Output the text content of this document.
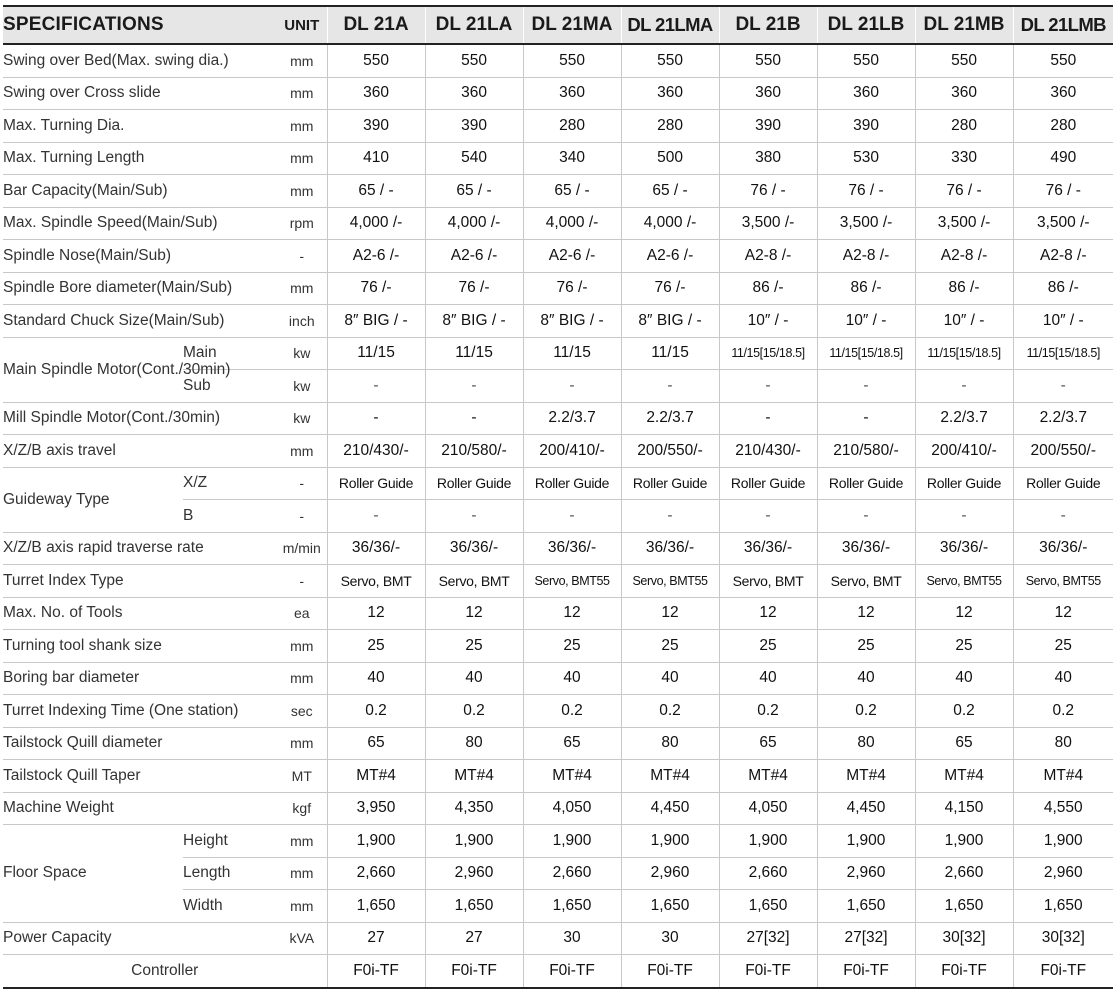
SPECIFICATIONS		UNIT	DL 21A	DL 21LA	DL 21MA	DL 21LMA	DL 21B	DL 21LB	DL 21MB	DL 21LMB
Swing over Bed(Max. swing dia.)		mm	550	550	550	550	550	550	550	550
Swing over Cross slide		mm	360	360	360	360	360	360	360	360
Max. Turning Dia.		mm	390	390	280	280	390	390	280	280
Max. Turning Length		mm	410	540	340	500	380	530	330	490
Bar Capacity(Main/Sub)		mm	65 / -	65 / -	65 / -	65 / -	76 / -	76 / -	76 / -	76 / -
Max. Spindle Speed(Main/Sub)		rpm	4,000 /-	4,000 /-	4,000 /-	4,000 /-	3,500 /-	3,500 /-	3,500 /-	3,500 /-
Spindle Nose(Main/Sub)		-	A2-6 /-	A2-6 /-	A2-6 /-	A2-6 /-	A2-8 /-	A2-8 /-	A2-8 /-	A2-8 /-
Spindle Bore diameter(Main/Sub)		mm	76 /-	76 /-	76 /-	76 /-	86 /-	86 /-	86 /-	86 /-
Standard Chuck Size(Main/Sub)		inch	8″ BIG / -	8″ BIG / -	8″ BIG / -	8″ BIG / -	10″ / -	10″ / -	10″ / -	10″ / -
Main Spindle Motor(Cont./30min)	Main	kw	11/15	11/15	11/15	11/15	11/15[15/18.5]	11/15[15/18.5]	11/15[15/18.5]	11/15[15/18.5]
	Sub	kw	-	-	-	-	-	-	-	-
Mill Spindle Motor(Cont./30min)		kw	-	-	2.2/3.7	2.2/3.7	-	-	2.2/3.7	2.2/3.7
X/Z/B axis travel		mm	210/430/-	210/580/-	200/410/-	200/550/-	210/430/-	210/580/-	200/410/-	200/550/-
Guideway Type	X/Z	-	Roller Guide	Roller Guide	Roller Guide	Roller Guide	Roller Guide	Roller Guide	Roller Guide	Roller Guide
	B	-	-	-	-	-	-	-	-	-
X/Z/B axis rapid traverse rate		m/min	36/36/-	36/36/-	36/36/-	36/36/-	36/36/-	36/36/-	36/36/-	36/36/-
Turret Index Type		-	Servo, BMT	Servo, BMT	Servo, BMT55	Servo, BMT55	Servo, BMT	Servo, BMT	Servo, BMT55	Servo, BMT55
Max. No. of Tools		ea	12	12	12	12	12	12	12	12
Turning tool shank size		mm	25	25	25	25	25	25	25	25
Boring bar diameter		mm	40	40	40	40	40	40	40	40
Turret Indexing Time (One station)		sec	0.2	0.2	0.2	0.2	0.2	0.2	0.2	0.2
Tailstock Quill diameter		mm	65	80	65	80	65	80	65	80
Tailstock Quill Taper		MT	MT#4	MT#4	MT#4	MT#4	MT#4	MT#4	MT#4	MT#4
Machine Weight		kgf	3,950	4,350	4,050	4,450	4,050	4,450	4,150	4,550
Floor Space	Height	mm	1,900	1,900	1,900	1,900	1,900	1,900	1,900	1,900
	Length	mm	2,660	2,960	2,660	2,960	2,660	2,960	2,660	2,960
	Width	mm	1,650	1,650	1,650	1,650	1,650	1,650	1,650	1,650
Power Capacity		kVA	27	27	30	30	27[32]	27[32]	30[32]	30[32]
Controller			F0i-TF	F0i-TF	F0i-TF	F0i-TF	F0i-TF	F0i-TF	F0i-TF	F0i-TF
